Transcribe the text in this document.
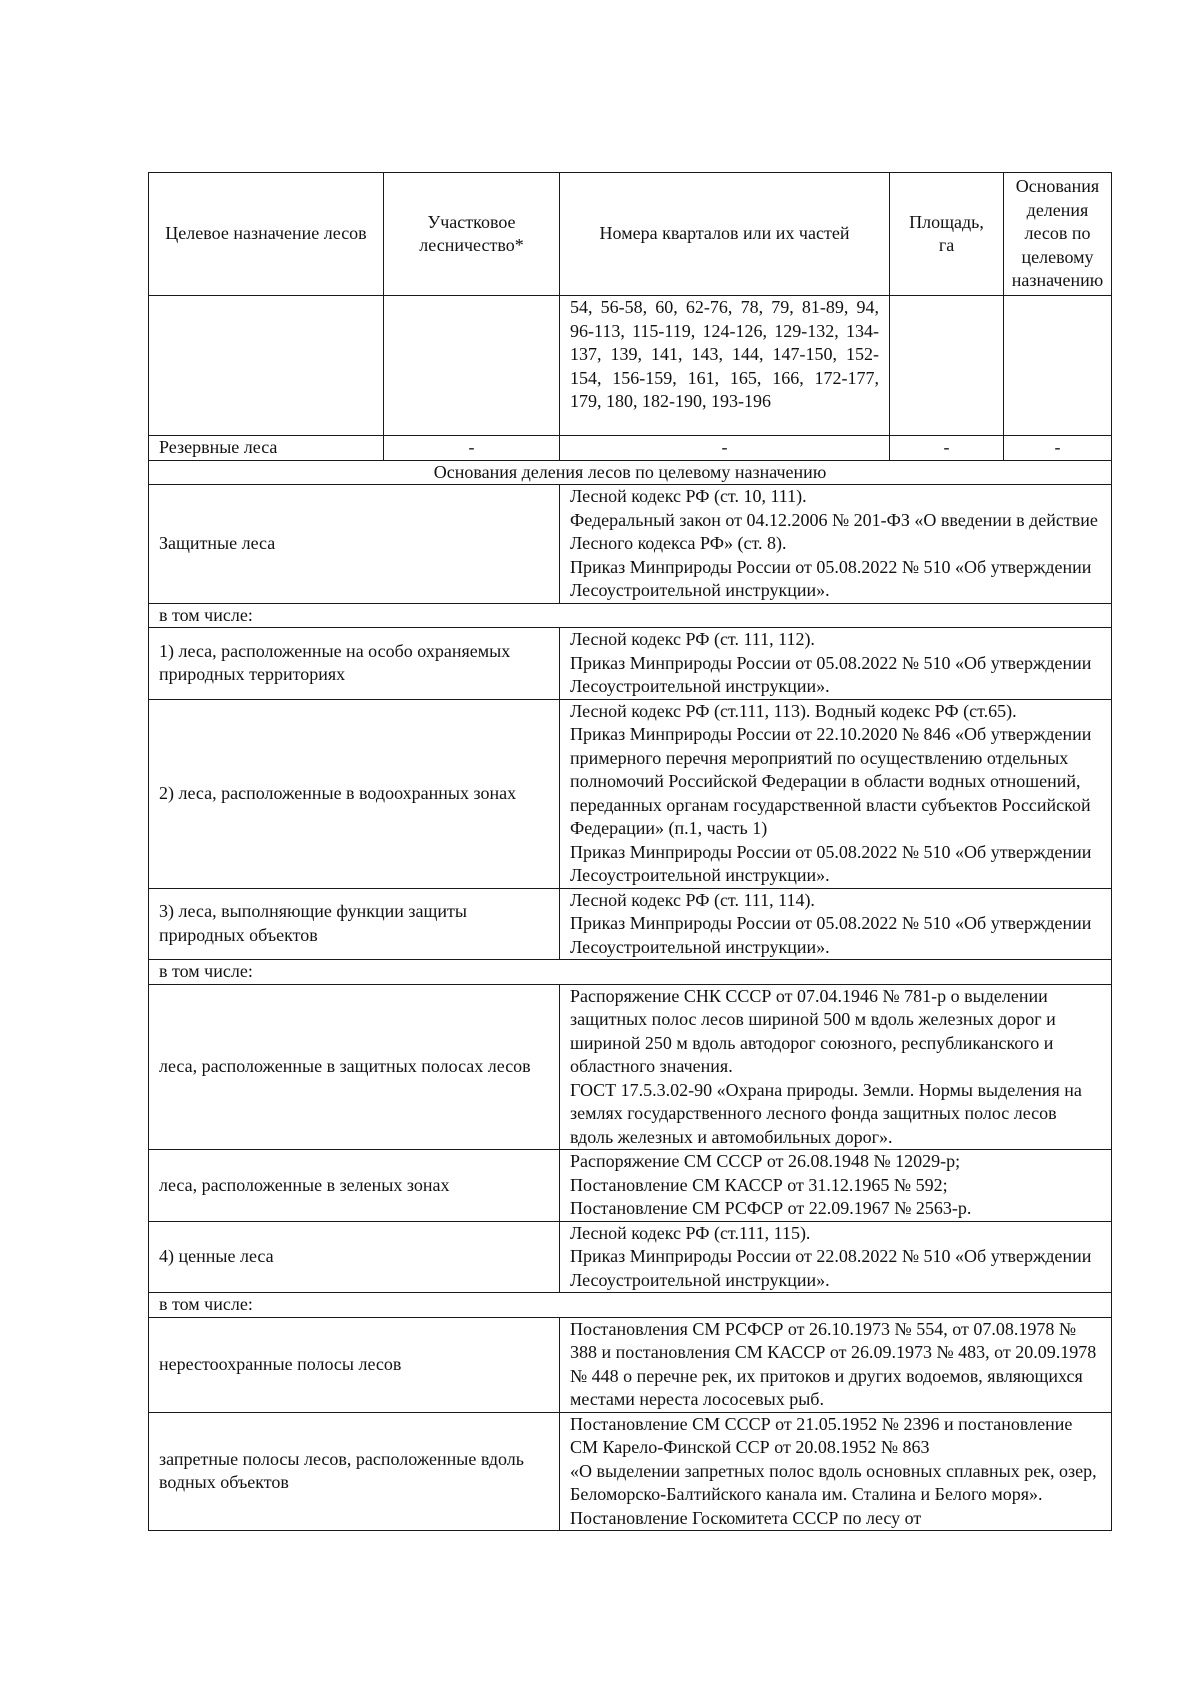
Целевое назначение лесов	Участковое лесничество*	Номера кварталов или их частей	Площадь, га	Основания деления лесов по целевому назначению
		54, 56-58, 60, 62-76, 78, 79, 81-89, 94, 96-113, 115-119, 124-126, 129-132, 134-137, 139, 141, 143, 144, 147-150, 152-154, 156-159, 161, 165, 166, 172-177, 179, 180, 182-190, 193-196		
Резервные леса	-	-	-	-
Основания деления лесов по целевому назначению				
Защитные леса		Лесной кодекс РФ (ст. 10, 111).
Федеральный закон от 04.12.2006 № 201-ФЗ «О введении в действие Лесного кодекса РФ» (ст. 8).
Приказ Минприроды России от 05.08.2022 № 510 «Об утверждении Лесоустроительной инструкции».		

в том числе:				
1) леса, расположенные на особо охраняемых природных территориях		Лесной кодекс РФ (ст. 111, 112).
Приказ Минприроды России от 05.08.2022 № 510 «Об утверждении Лесоустроительной инструкции».		

2) леса, расположенные в водоохранных зонах		Лесной кодекс РФ (ст.111, 113). Водный кодекс РФ (ст.65).
Приказ Минприроды России от 22.10.2020 № 846 «Об утверждении примерного перечня мероприятий по осуществлению отдельных полномочий Российской Федерации в области водных отношений, переданных органам государственной власти субъектов Российской Федерации» (п.1, часть 1)
Приказ Минприроды России от 05.08.2022 № 510 «Об утверждении Лесоустроительной инструкции».		

3) леса, выполняющие функции защиты природных объектов		Лесной кодекс РФ (ст. 111, 114).
Приказ Минприроды России от 05.08.2022 № 510 «Об утверждении Лесоустроительной инструкции».		

в том числе:				
леса, расположенные в защитных полосах лесов		Распоряжение СНК СССР от 07.04.1946 № 781-р о выделении защитных полос лесов шириной 500 м вдоль железных дорог и шириной 250 м вдоль автодорог союзного, республиканского и областного значения.
ГОСТ 17.5.3.02-90 «Охрана природы. Земли. Нормы выделения на землях государственного лесного фонда защитных полос лесов вдоль железных и автомобильных дорог».		

леса, расположенные в зеленых зонах		Распоряжение СМ СССР от 26.08.1948 № 12029-р;
Постановление СМ КАССР от 31.12.1965 № 592;
Постановление СМ РСФСР от 22.09.1967 № 2563-р.		

4) ценные леса		Лесной кодекс РФ (ст.111, 115).
Приказ Минприроды России от 22.08.2022 № 510 «Об утверждении Лесоустроительной инструкции».		

в том числе:				
нерестоохранные полосы лесов		Постановления СМ РСФСР от 26.10.1973 № 554, от 07.08.1978 № 388 и постановления СМ КАССР от 26.09.1973 № 483, от 20.09.1978 № 448 о перечне рек, их притоков и других водоемов, являющихся местами нереста лососевых рыб.		

запретные полосы лесов, расположенные вдоль водных объектов		Постановление СМ СССР от 21.05.1952 № 2396 и постановление СМ Карело-Финской ССР от 20.08.1952 № 863
«О выделении запретных полос вдоль основных сплавных рек, озер, Беломорско-Балтийского канала им. Сталина и Белого моря». Постановление Госкомитета СССР по лесу от		
